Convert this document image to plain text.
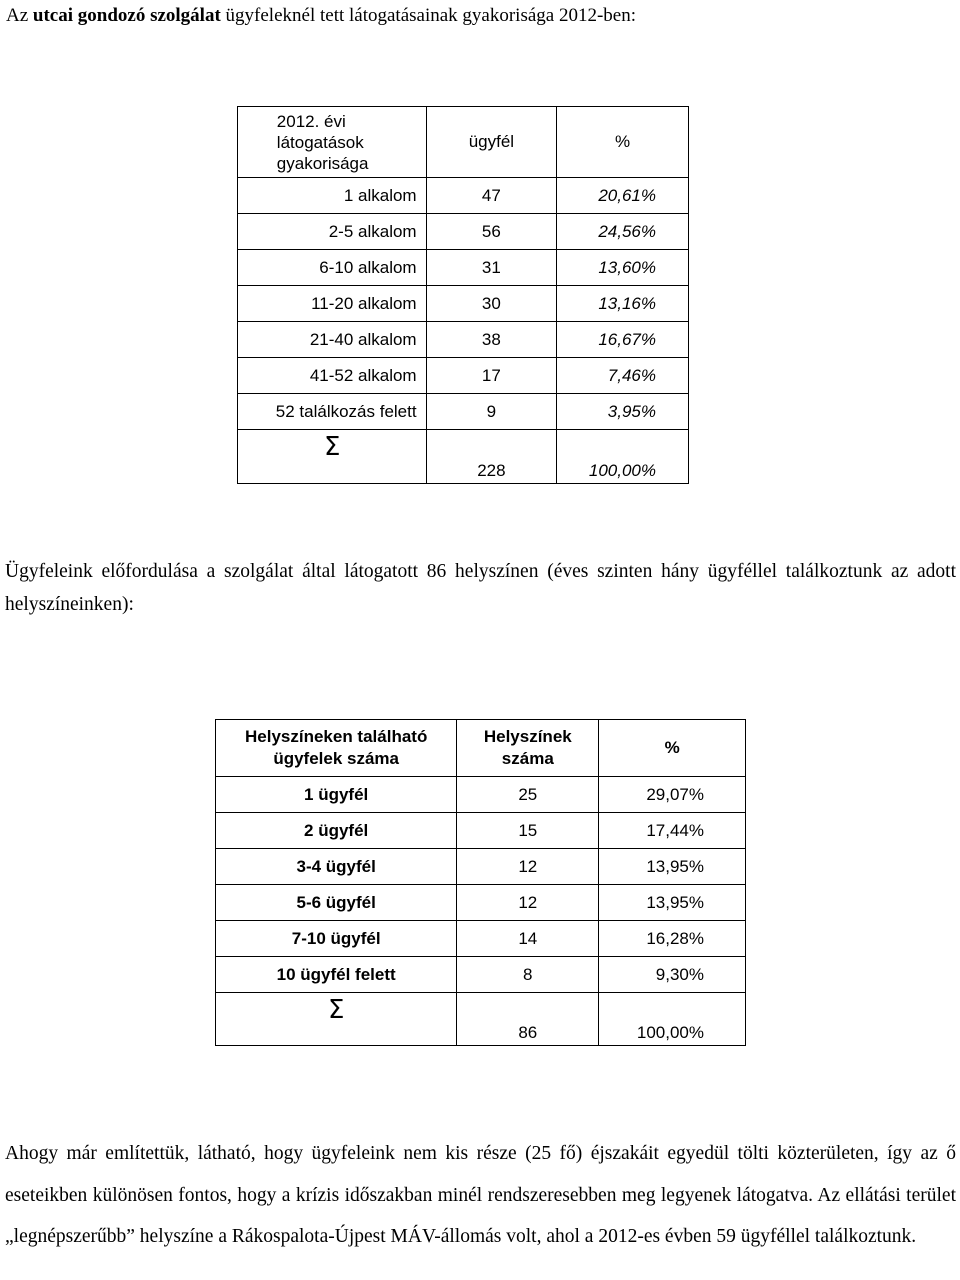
Az utcai gondozó szolgálat ügyfeleknél tett látogatásainak gyakorisága 2012-ben:
2012. évi látogatások gyakorisága	ügyfél	%
1 alkalom	47	20,61%
2-5 alkalom	56	24,56%
6-10 alkalom	31	13,60%
11-20 alkalom	30	13,16%
21-40 alkalom	38	16,67%
41-52 alkalom	17	7,46%
52 találkozás felett	9	3,95%

Σ	228	100,00%
Ügyfeleink előfordulása a szolgálat által látogatott 86 helyszínen (éves szinten hány ügyféllel találkoztunk az adott helyszíneinken):
Helyszíneken található ügyfelek száma	Helyszínek száma	%
1 ügyfél	25	29,07%
2 ügyfél	15	17,44%
3-4 ügyfél	12	13,95%
5-6 ügyfél	12	13,95%
7-10 ügyfél	14	16,28%
10 ügyfél felett	8	9,30%

Σ	86	100,00%
Ahogy már említettük, látható, hogy ügyfeleink nem kis része (25 fő) éjszakáit egyedül tölti közterületen, így az ő eseteikben különösen fontos, hogy a krízis időszakban minél rendszeresebben meg legyenek látogatva. Az ellátási terület „legnépszerűbb” helyszíne a Rákospalota-Újpest MÁV-állomás volt, ahol a 2012-es évben 59 ügyféllel találkoztunk.
